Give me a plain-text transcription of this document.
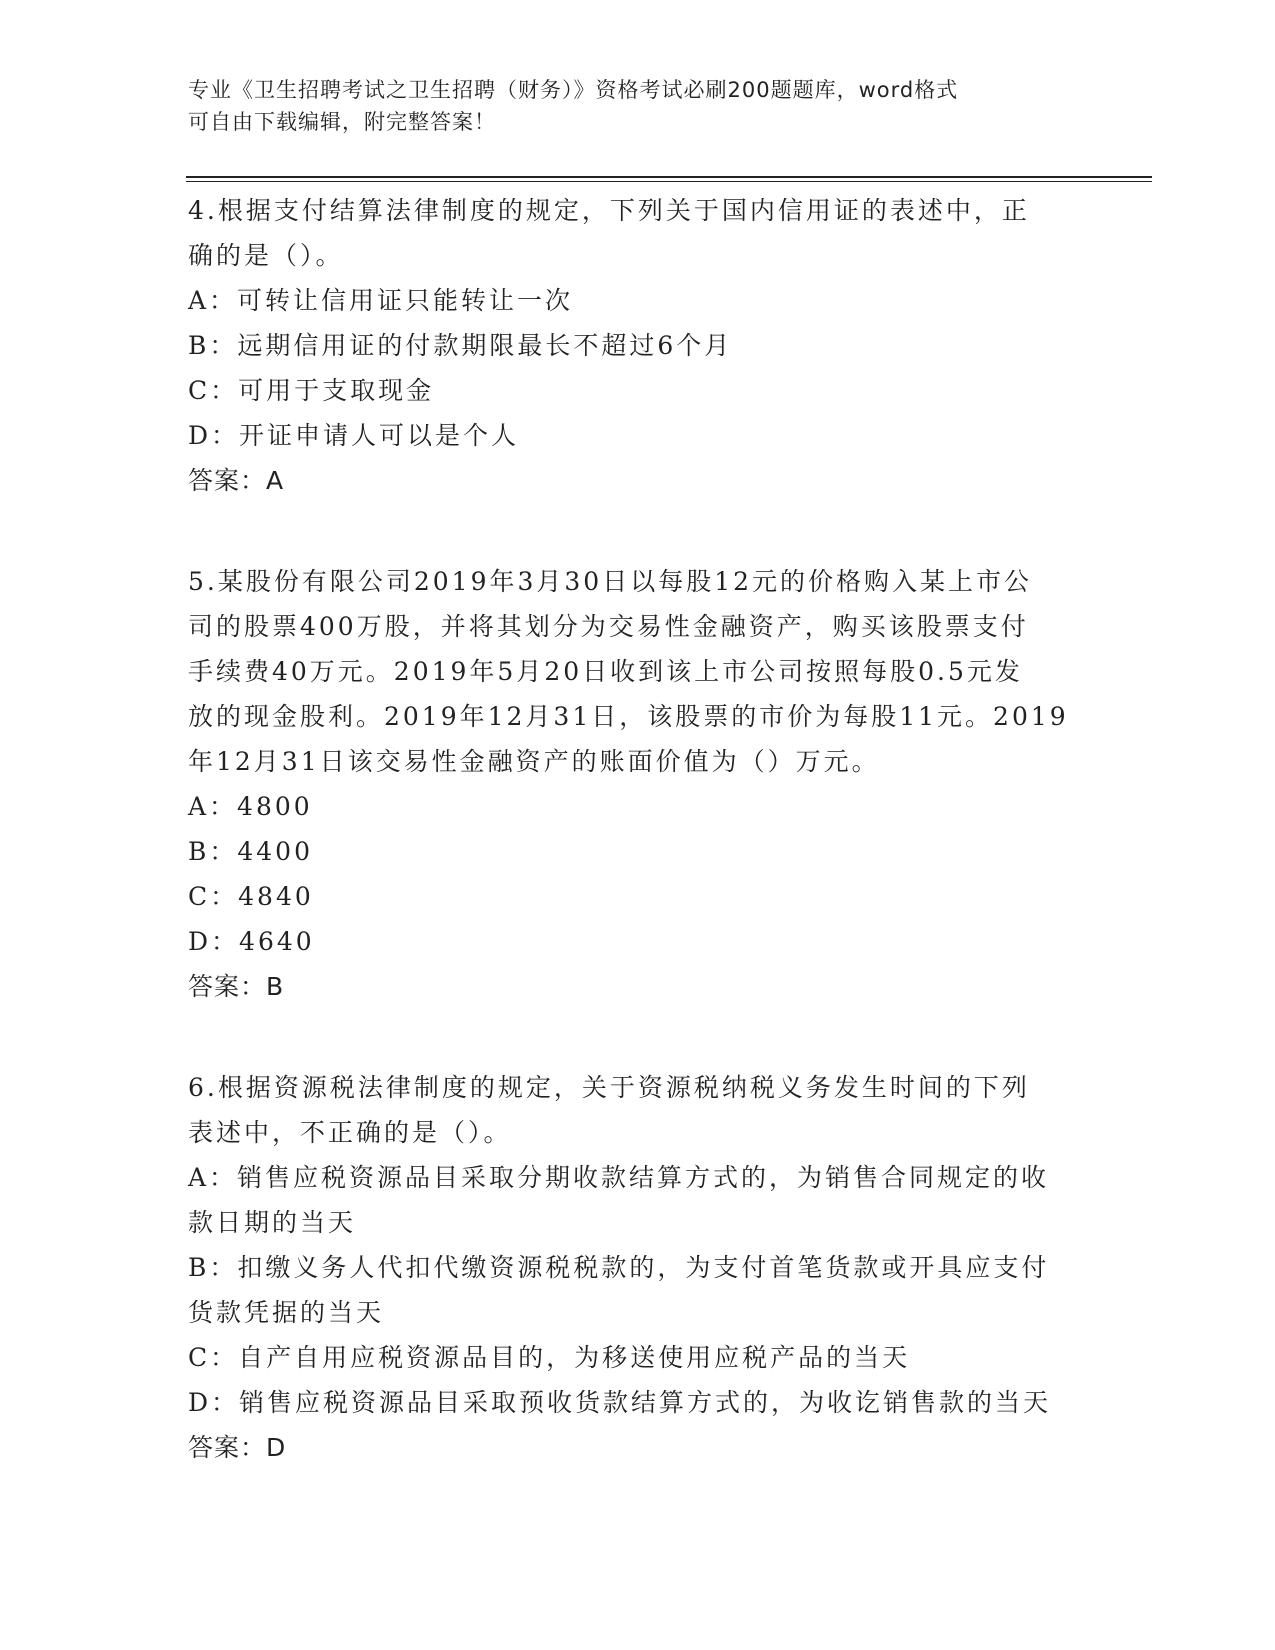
专业《卫生招聘考试之卫生招聘（财务）》资格考试必刷200题题库，word格式
可自由下载编辑，附完整答案！
4.根据支付结算法律制度的规定，下列关于国内信用证的表述中，正
确的是（）。
A：可转让信用证只能转让一次
B：远期信用证的付款期限最长不超过6个月
C：可用于支取现金
D：开证申请人可以是个人
答案：A
5.某股份有限公司2019年3月30日以每股12元的价格购入某上市公
司的股票400万股，并将其划分为交易性金融资产，购买该股票支付
手续费40万元。2019年5月20日收到该上市公司按照每股0.5元发
放的现金股利。2019年12月31日，该股票的市价为每股11元。2019
年12月31日该交易性金融资产的账面价值为（）万元。
A：4800
B：4400
C：4840
D：4640
答案：B
6.根据资源税法律制度的规定，关于资源税纳税义务发生时间的下列
表述中，不正确的是（）。
A：销售应税资源品目采取分期收款结算方式的，为销售合同规定的收
款日期的当天
B：扣缴义务人代扣代缴资源税税款的，为支付首笔货款或开具应支付
货款凭据的当天
C：自产自用应税资源品目的，为移送使用应税产品的当天
D：销售应税资源品目采取预收货款结算方式的，为收讫销售款的当天
答案：D
